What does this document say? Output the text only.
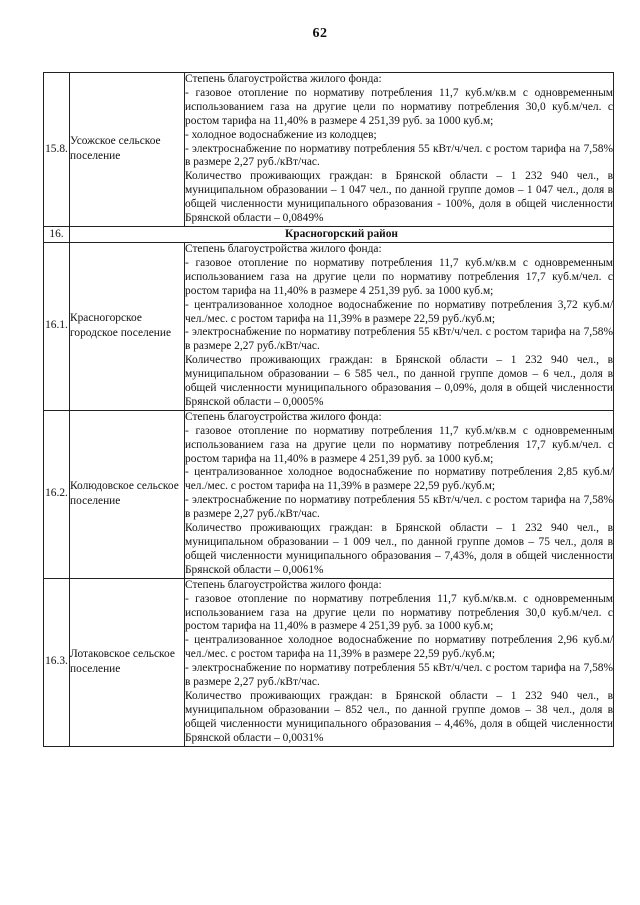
62
15.8.	Усожское сельское поселение	Степень благоустройства жилого фонда:

- газовое отопление по нормативу потребления 11,7 куб.м/кв.м с одновременным использованием газа на другие цели по нормативу потребления 30,0 куб.м/чел. с ростом тарифа на 11,40% в размере 4 251,39 руб. за 1000 куб.м;

- холодное водоснабжение из колодцев;

- электроснабжение по нормативу потребления 55 кВт/ч/чел. с ростом тарифа на 7,58% в размере 2,27 руб./кВт/час.

Количество проживающих граждан: в Брянской области – 1 232 940 чел., в муниципальном образовании – 1 047 чел., по данной группе домов – 1 047 чел., доля в общей численности муниципального образования - 100%, доля в общей численности Брянской области – 0,0849%

16.	Красногорский район	
16.1.	Красногорское городское поселение	Степень благоустройства жилого фонда:

- газовое отопление по нормативу потребления 11,7 куб.м/кв.м с одновременным использованием газа на другие цели по нормативу потребления 17,7 куб.м/чел. с ростом тарифа на 11,40% в размере 4 251,39 руб. за 1000 куб.м;

- централизованное холодное водоснабжение по нормативу потребления 3,72 куб.м/чел./мес. с ростом тарифа на 11,39% в размере 22,59 руб./куб.м;

- электроснабжение по нормативу потребления 55 кВт/ч/чел. с ростом тарифа на 7,58% в размере 2,27 руб./кВт/час.

Количество проживающих граждан: в Брянской области – 1 232 940 чел., в муниципальном образовании – 6 585 чел., по данной группе домов – 6 чел., доля в общей численности муниципального образования – 0,09%, доля в общей численности Брянской области – 0,0005%

16.2.	Колюдовское сельское поселение	Степень благоустройства жилого фонда:

- газовое отопление по нормативу потребления 11,7 куб.м/кв.м с одновременным использованием газа на другие цели по нормативу потребления 17,7 куб.м/чел. с ростом тарифа на 11,40% в размере 4 251,39 руб. за 1000 куб.м;

- централизованное холодное водоснабжение по нормативу потребления 2,85 куб.м/чел./мес. с ростом тарифа на 11,39% в размере 22,59 руб./куб.м;

- электроснабжение по нормативу потребления 55 кВт/ч/чел. с ростом тарифа на 7,58% в размере 2,27 руб./кВт/час.

Количество проживающих граждан: в Брянской области – 1 232 940 чел., в муниципальном образовании – 1 009 чел., по данной группе домов – 75 чел., доля в общей численности муниципального образования – 7,43%, доля в общей численности Брянской области – 0,0061%

16.3.	Лотаковское сельское поселение	Степень благоустройства жилого фонда:

- газовое отопление по нормативу потребления 11,7 куб.м/кв.м. с одновременным использованием газа на другие цели по нормативу потребления 30,0 куб.м/чел. с ростом тарифа на 11,40% в размере 4 251,39 руб. за 1000 куб.м;

- централизованное холодное водоснабжение по нормативу потребления 2,96 куб.м/чел./мес. с ростом тарифа на 11,39% в размере 22,59 руб./куб.м;

- электроснабжение по нормативу потребления 55 кВт/ч/чел. с ростом тарифа на 7,58% в размере 2,27 руб./кВт/час.

Количество проживающих граждан: в Брянской области – 1 232 940 чел., в муниципальном образовании – 852 чел., по данной группе домов – 38 чел., доля в общей численности муниципального образования – 4,46%, доля в общей численности Брянской области – 0,0031%
